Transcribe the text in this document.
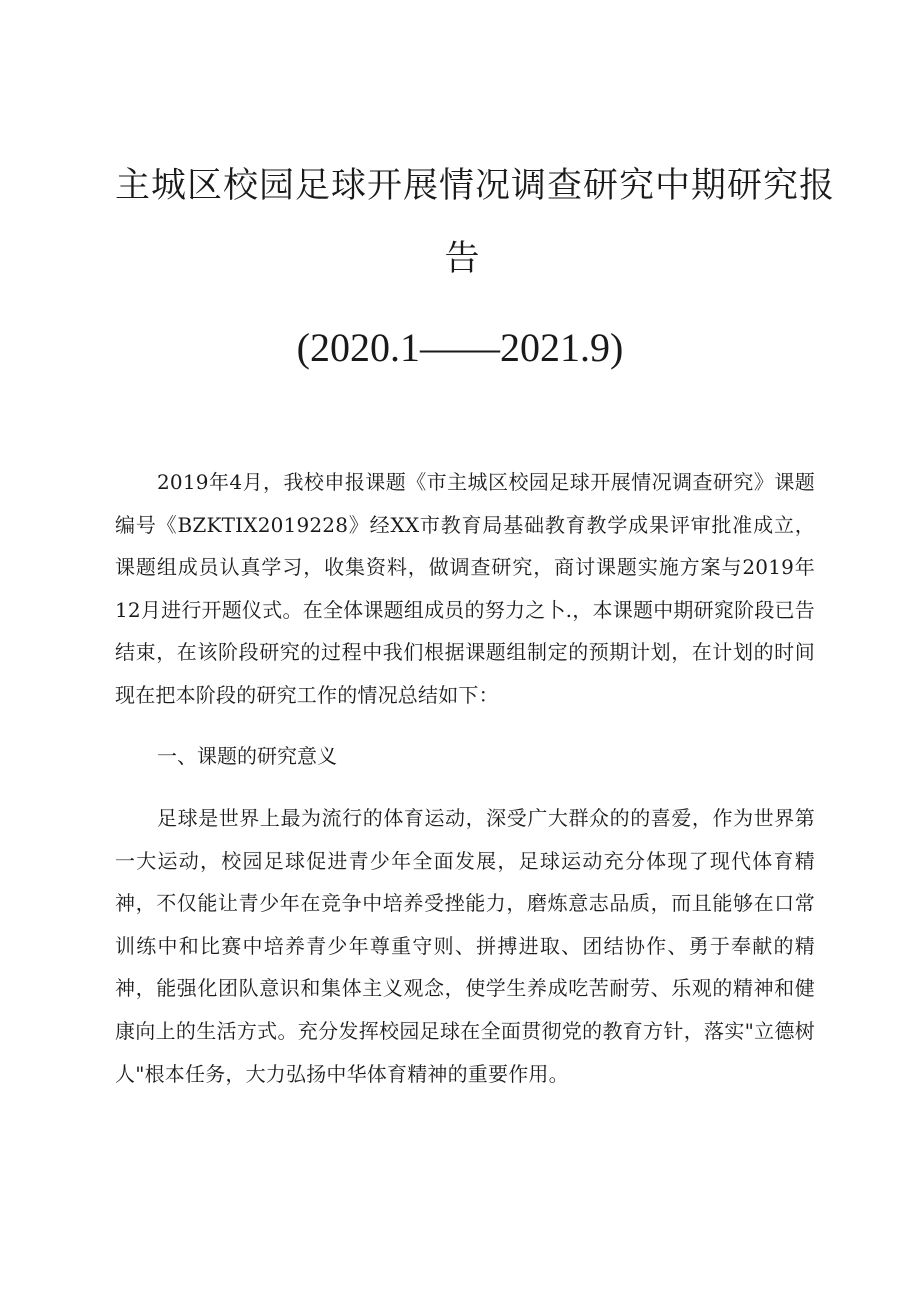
主城区校园足球开展情况调查研究中期研究报
告

(2020.1——2021.9)

2019年4月，我校申报课题《市主城区校园足球开展情况调查研究》课题编号《BZKTIX2019228》经XX市教育局基础教育教学成果评审批准成立，课题组成员认真学习，收集资料，做调查研究，商讨课题实施方案与2019年12月进行开题仪式。在全体课题组成员的努力之卜.，本课题中期研窕阶段已告结束，在该阶段研究的过程中我们根据课题组制定的预期计划，在计划的时间现在把本阶段的研究工作的情况总结如下：

一、课题的研究意义

足球是世界上最为流行的体育运动，深受广大群众的的喜爱，作为世界第一大运动，校园足球促进青少年全面发展，足球运动充分体现了现代体育精神，不仅能让青少年在竞争中培养受挫能力，磨炼意志品质，而且能够在口常训练中和比赛中培养青少年尊重守则、拼搏进取、团结协作、勇于奉献的精神，能强化团队意识和集体主义观念，使学生养成吃苦耐劳、乐观的精神和健康向上的生活方式。充分发挥校园足球在全面贯彻党的教育方针，落实"立德树人"根本任务，大力弘扬中华体育精神的重要作用。
